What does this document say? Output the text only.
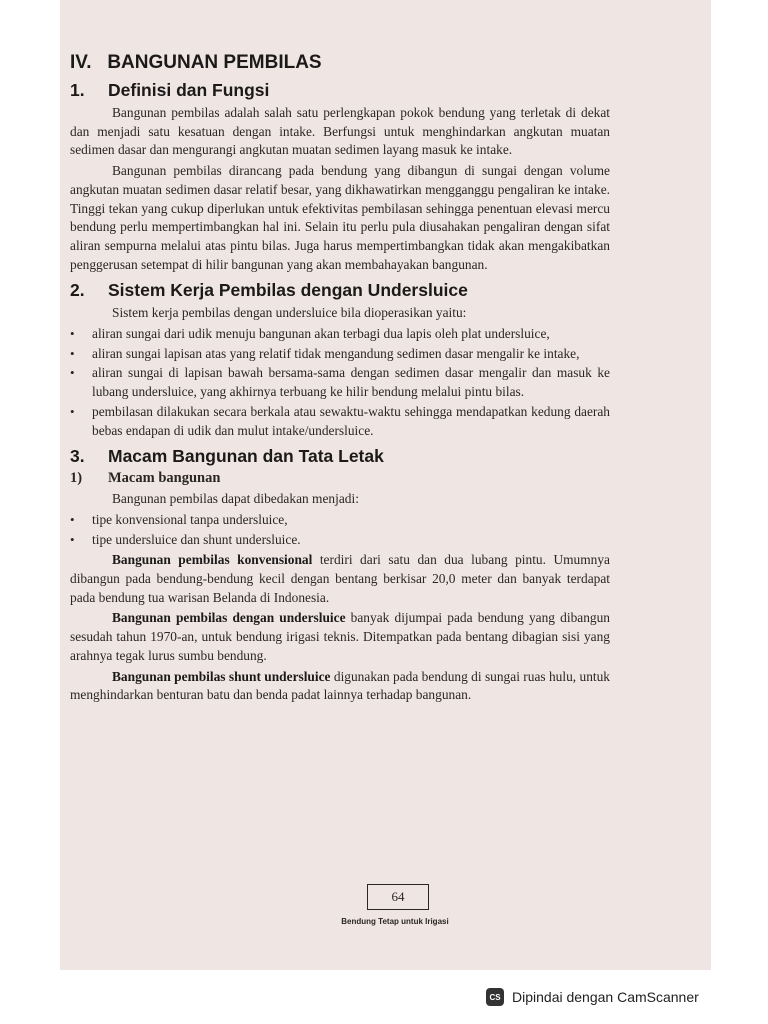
IV.   BANGUNAN PEMBILAS
1.	Definisi dan Fungsi

Bangunan pembilas adalah salah satu perlengkapan pokok bendung yang terletak di dekat dan menjadi satu kesatuan dengan intake. Berfungsi untuk menghindarkan angkutan muatan sedimen dasar dan mengurangi angkutan muatan sedimen layang masuk ke intake.

Bangunan pembilas dirancang pada bendung yang dibangun di sungai dengan volume angkutan muatan sedimen dasar relatif besar, yang dikhawatirkan mengganggu pengaliran ke intake. Tinggi tekan yang cukup diperlukan untuk efektivitas pembilasan sehingga penentuan elevasi mercu bendung perlu mempertimbangkan hal ini. Selain itu perlu pula diusahakan pengaliran dengan sifat aliran sempurna melalui atas pintu bilas. Juga harus mempertimbangkan tidak akan mengakibatkan penggerusan setempat di hilir bangunan yang akan membahayakan bangunan.

2.	Sistem Kerja Pembilas dengan Undersluice

Sistem kerja pembilas dengan undersluice bila dioperasikan yaitu:

• aliran sungai dari udik menuju bangunan akan terbagi dua lapis oleh plat undersluice,
• aliran sungai lapisan atas yang relatif tidak mengandung sedimen dasar mengalir ke intake,
• aliran sungai di lapisan bawah bersama-sama dengan sedimen dasar mengalir dan masuk ke lubang undersluice, yang akhirnya terbuang ke hilir bendung melalui pintu bilas.
• pembilasan dilakukan secara berkala atau sewaktu-waktu sehingga mendapatkan kedung daerah bebas endapan di udik dan mulut intake/undersluice.
3.	Macam Bangunan dan Tata Letak
1)	Macam bangunan

Bangunan pembilas dapat dibedakan menjadi:

• tipe konvensional tanpa undersluice,
• tipe undersluice dan shunt undersluice.

Bangunan pembilas konvensional terdiri dari satu dan dua lubang pintu. Umumnya dibangun pada bendung-bendung kecil dengan bentang berkisar 20,0 meter dan banyak terdapat pada bendung tua warisan Belanda di Indonesia.

Bangunan pembilas dengan undersluice banyak dijumpai pada bendung yang dibangun sesudah tahun 1970-an, untuk bendung irigasi teknis. Ditempatkan pada bentang dibagian sisi yang arahnya tegak lurus sumbu bendung.

Bangunan pembilas shunt undersluice digunakan pada bendung di sungai ruas hulu, untuk menghindarkan benturan batu dan benda padat lainnya terhadap bangunan.

64
Bendung Tetap untuk Irigasi
CS Dipindai dengan CamScanner
